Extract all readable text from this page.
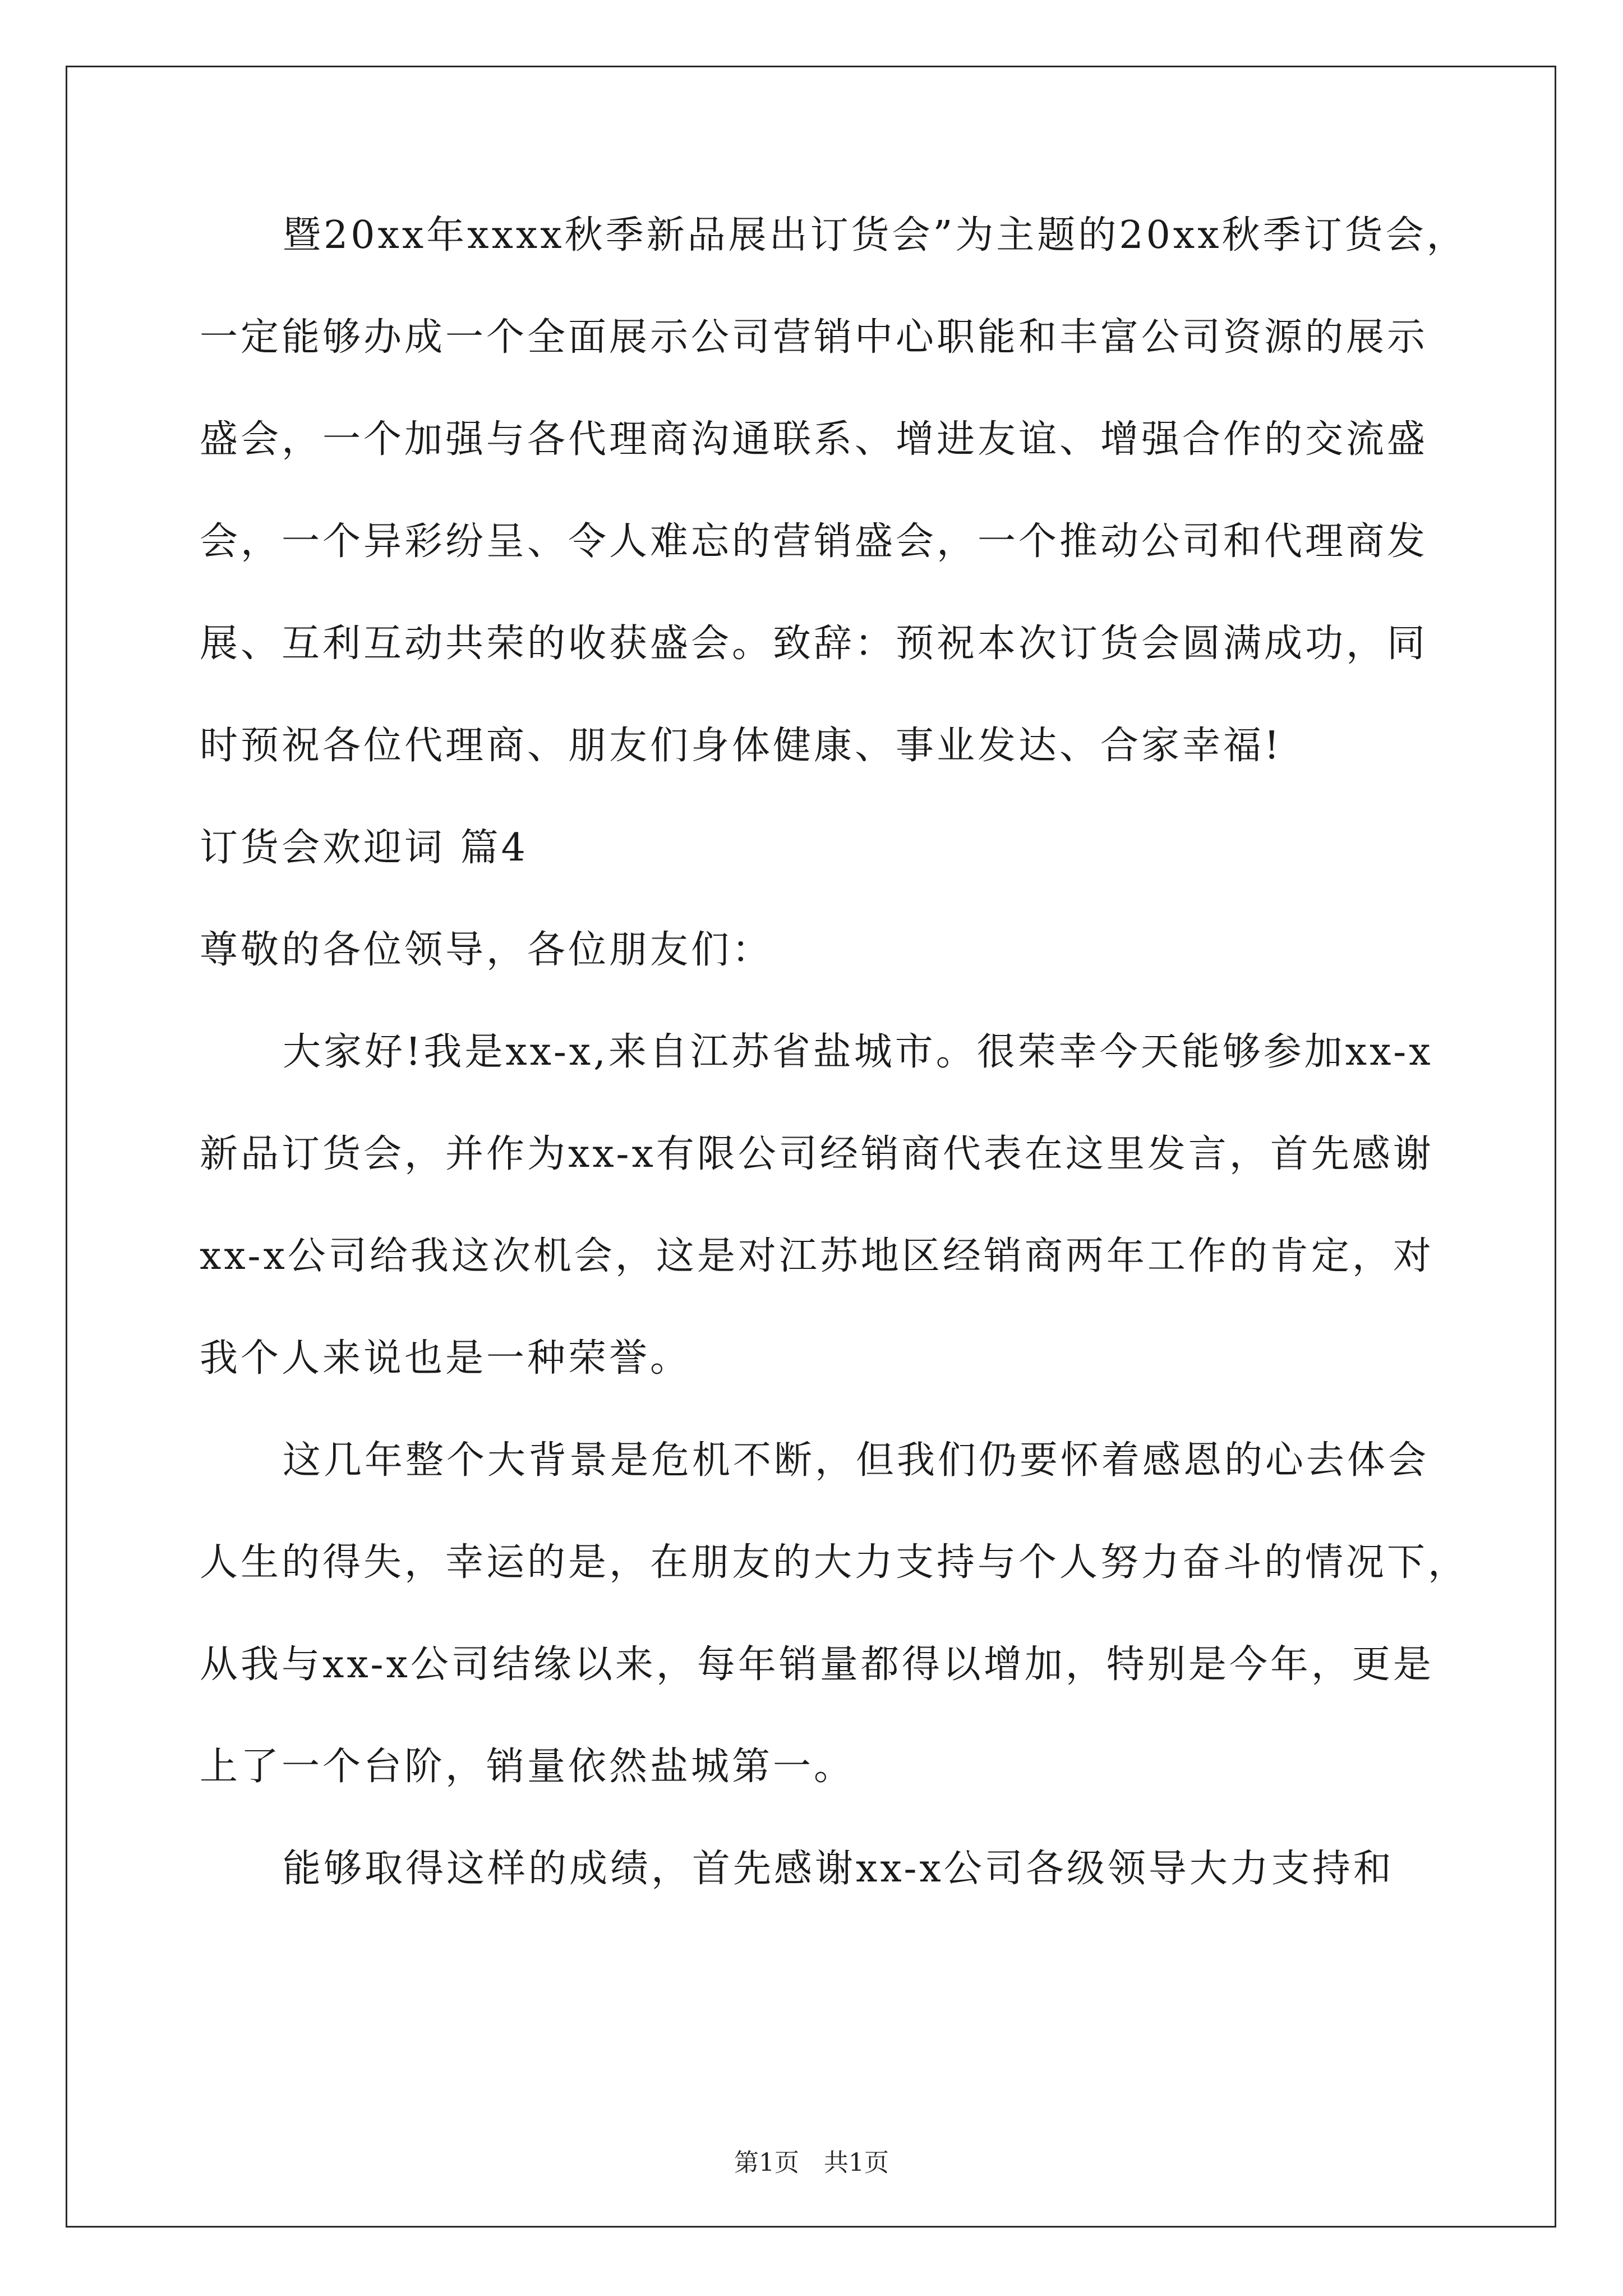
暨20xx年xxxx秋季新品展出订货会”为主题的20xx秋季订货会，
一定能够办成一个全面展示公司营销中心职能和丰富公司资源的展示
盛会，一个加强与各代理商沟通联系、增进友谊、增强合作的交流盛
会，一个异彩纷呈、令人难忘的营销盛会，一个推动公司和代理商发
展、互利互动共荣的收获盛会。致辞：预祝本次订货会圆满成功，同
时预祝各位代理商、朋友们身体健康、事业发达、合家幸福!
订货会欢迎词 篇4
尊敬的各位领导，各位朋友们：
大家好!我是xx-x,来自江苏省盐城市。很荣幸今天能够参加xx-x
新品订货会，并作为xx-x有限公司经销商代表在这里发言，首先感谢
xx-x公司给我这次机会，这是对江苏地区经销商两年工作的肯定，对
我个人来说也是一种荣誉。
这几年整个大背景是危机不断，但我们仍要怀着感恩的心去体会
人生的得失，幸运的是，在朋友的大力支持与个人努力奋斗的情况下，
从我与xx-x公司结缘以来，每年销量都得以增加，特别是今年，更是
上了一个台阶，销量依然盐城第一。
能够取得这样的成绩，首先感谢xx-x公司各级领导大力支持和
第1页　共1页
